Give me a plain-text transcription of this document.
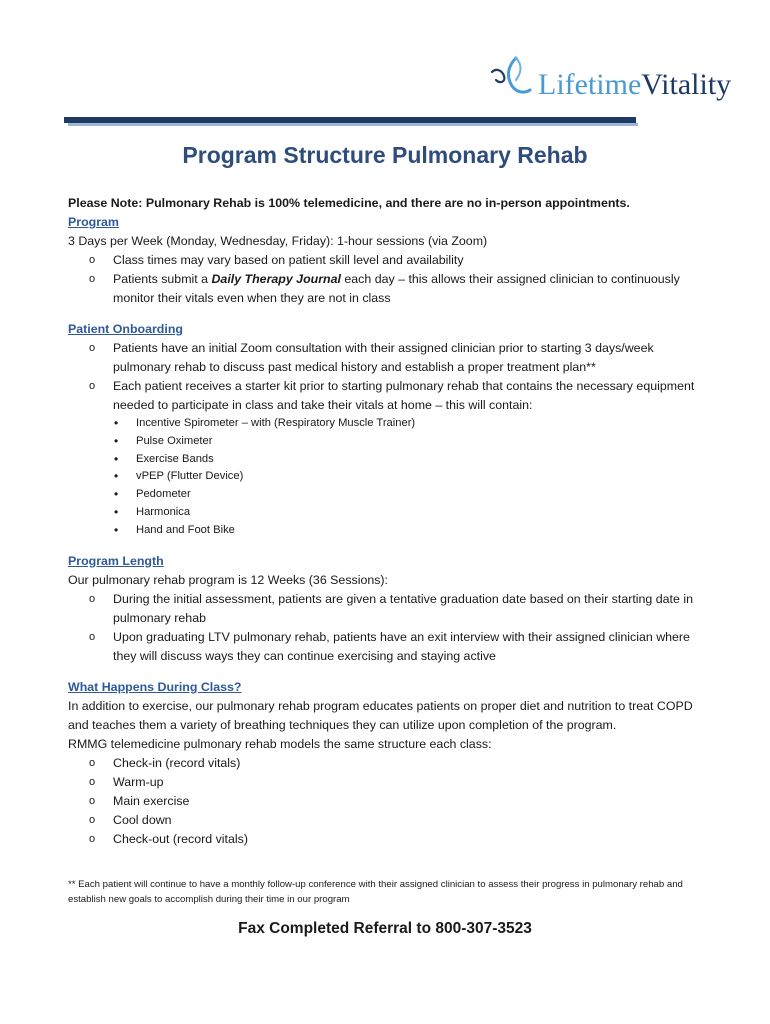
LifetimeVitality
Program Structure Pulmonary Rehab
Please Note: Pulmonary Rehab is 100% telemedicine, and there are no in-person appointments.
Program
3 Days per Week (Monday, Wednesday, Friday): 1-hour sessions (via Zoom)
o Class times may vary based on patient skill level and availability
o Patients submit a Daily Therapy Journal each day – this allows their assigned clinician to continuously monitor their vitals even when they are not in class
Patient Onboarding
o Patients have an initial Zoom consultation with their assigned clinician prior to starting 3 days/week pulmonary rehab to discuss past medical history and establish a proper treatment plan**
o Each patient receives a starter kit prior to starting pulmonary rehab that contains the necessary equipment needed to participate in class and take their vitals at home – this will contain:
• Incentive Spirometer – with (Respiratory Muscle Trainer)
• Pulse Oximeter
• Exercise Bands
• vPEP (Flutter Device)
• Pedometer
• Harmonica
• Hand and Foot Bike
Program Length
Our pulmonary rehab program is 12 Weeks (36 Sessions):
o During the initial assessment, patients are given a tentative graduation date based on their starting date in pulmonary rehab
o Upon graduating LTV pulmonary rehab, patients have an exit interview with their assigned clinician where they will discuss ways they can continue exercising and staying active
What Happens During Class?
In addition to exercise, our pulmonary rehab program educates patients on proper diet and nutrition to treat COPD and teaches them a variety of breathing techniques they can utilize upon completion of the program.
RMMG telemedicine pulmonary rehab models the same structure each class:
o Check-in (record vitals)
o Warm-up
o Main exercise
o Cool down
o Check-out (record vitals)
** Each patient will continue to have a monthly follow-up conference with their assigned clinician to assess their progress in pulmonary rehab and establish new goals to accomplish during their time in our program
Fax Completed Referral to 800-307-3523
